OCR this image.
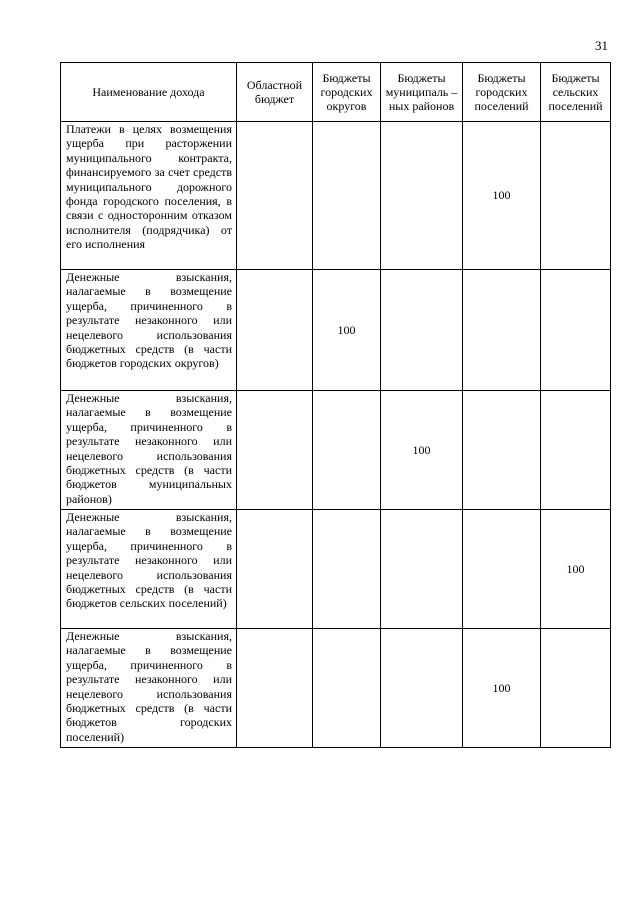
31
Наименование дохода	Областной бюджет	Бюджеты городских округов	Бюджеты муниципаль –ных районов	Бюджеты городских поселений	Бюджеты сельских поселений
Платежи в целях возмещения ущерба при расторжении муниципального контракта, финансируемого за счет средств муниципального дорожного фонда городского поселения, в связи с односторонним отказом исполнителя (подрядчика) от его исполнения				100	
Денежные взыскания, налагаемые в возмещение ущерба, причиненного в результате незаконного или нецелевого использования бюджетных средств (в части бюджетов городских округов)		100			
Денежные взыскания, налагаемые в возмещение ущерба, причиненного в результате незаконного или нецелевого использования бюджетных средств (в части бюджетов муниципальных районов)			100		
Денежные взыскания, налагаемые в возмещение ущерба, причиненного в результате незаконного или нецелевого использования бюджетных средств (в части бюджетов сельских поселений)					100
Денежные взыскания, налагаемые в возмещение ущерба, причиненного в результате незаконного или нецелевого использования бюджетных средств (в части бюджетов городских поселений)				100	
